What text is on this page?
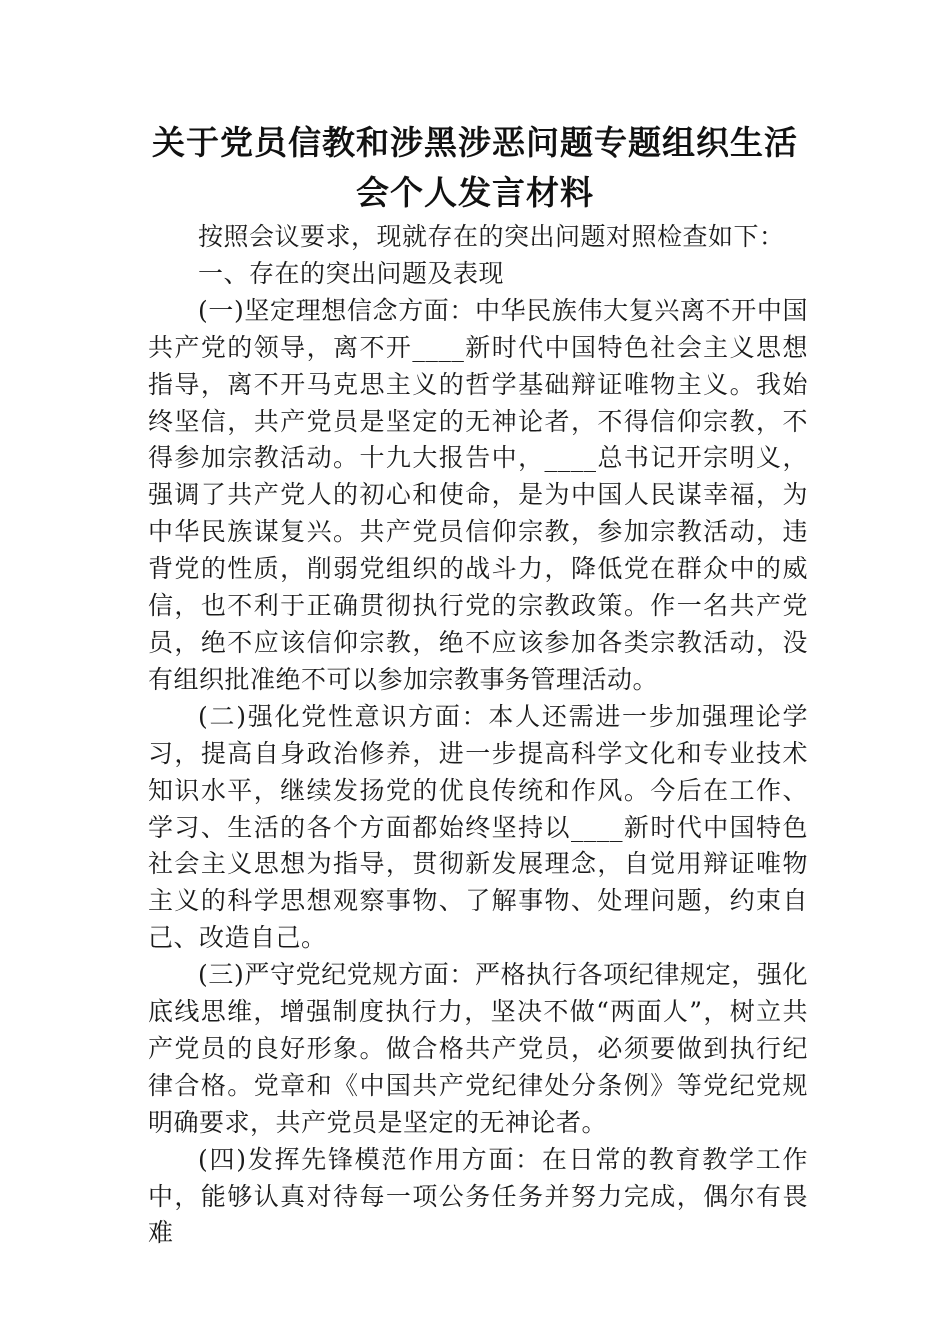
关于党员信教和涉黑涉恶问题专题组织生活
会个人发言材料

按照会议要求，现就存在的突出问题对照检查如下：

一、存在的突出问题及表现

(一)坚定理想信念方面：中华民族伟大复兴离不开中国共产党的领导，离不开____新时代中国特色社会主义思想指导，离不开马克思主义的哲学基础辩证唯物主义。我始终坚信，共产党员是坚定的无神论者，不得信仰宗教，不得参加宗教活动。十九大报告中，____总书记开宗明义，强调了共产党人的初心和使命，是为中国人民谋幸福，为中华民族谋复兴。共产党员信仰宗教，参加宗教活动，违背党的性质，削弱党组织的战斗力，降低党在群众中的威信，也不利于正确贯彻执行党的宗教政策。作一名共产党员，绝不应该信仰宗教，绝不应该参加各类宗教活动，没有组织批准绝不可以参加宗教事务管理活动。

(二)强化党性意识方面：本人还需进一步加强理论学习，提高自身政治修养，进一步提高科学文化和专业技术知识水平，继续发扬党的优良传统和作风。今后在工作、学习、生活的各个方面都始终坚持以____新时代中国特色社会主义思想为指导，贯彻新发展理念，自觉用辩证唯物主义的科学思想观察事物、了解事物、处理问题，约束自己、改造自己。

(三)严守党纪党规方面：严格执行各项纪律规定，强化底线思维，增强制度执行力，坚决不做“两面人”，树立共产党员的良好形象。做合格共产党员，必须要做到执行纪律合格。党章和《中国共产党纪律处分条例》等党纪党规明确要求，共产党员是坚定的无神论者。

(四)发挥先锋模范作用方面：在日常的教育教学工作中，能够认真对待每一项公务任务并努力完成，偶尔有畏难
